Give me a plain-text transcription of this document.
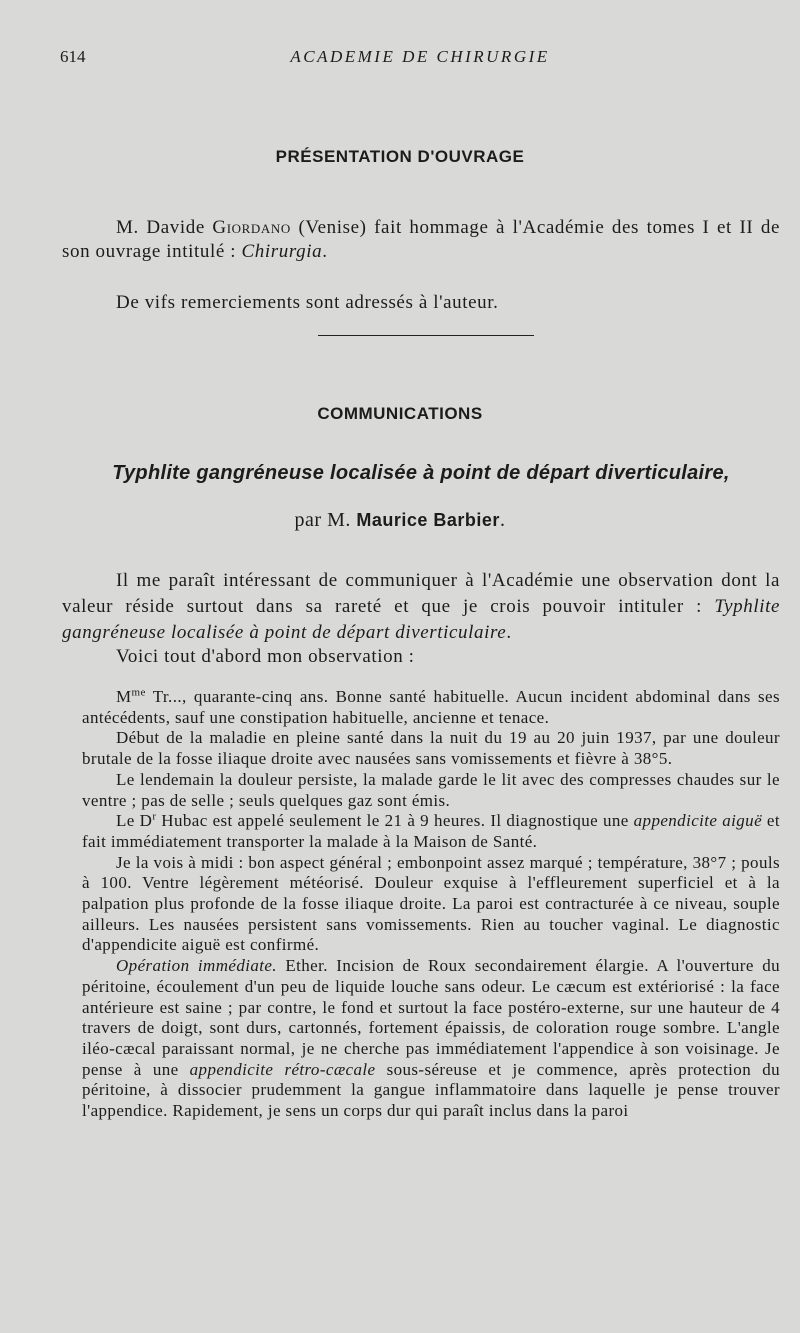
614	ACADEMIE DE CHIRURGIE
PRÉSENTATION D'OUVRAGE

M. Davide Giordano (Venise) fait hommage à l'Académie des tomes I et II de son ouvrage intitulé : Chirurgia.

De vifs remerciements sont adressés à l'auteur.

COMMUNICATIONS
Typhlite gangréneuse localisée à point de départ diverticulaire,
par M. Maurice Barbier.

Il me paraît intéressant de communiquer à l'Académie une observation dont la valeur réside surtout dans sa rareté et que je crois pouvoir intituler : Typhlite gangréneuse localisée à point de départ diverticulaire.

Voici tout d'abord mon observation :

$M^{me}$ Tr..., quarante-cinq ans. Bonne santé habituelle. Aucun incident abdominal dans ses antécédents, sauf une constipation habituelle, ancienne et tenace.

Début de la maladie en pleine santé dans la nuit du 19 au 20 juin 1937, par une douleur brutale de la fosse iliaque droite avec nausées sans vomissements et fièvre à 38°5.

Le lendemain la douleur persiste, la malade garde le lit avec des compresses chaudes sur le ventre ; pas de selle ; seuls quelques gaz sont émis.

Le $D^r$ Hubac est appelé seulement le 21 à 9 heures. Il diagnostique une appendicite aiguë et fait immédiatement transporter la malade à la Maison de Santé.

Je la vois à midi : bon aspect général ; embonpoint assez marqué ; température, 38°7 ; pouls à 100. Ventre légèrement météorisé. Douleur exquise à l'effleurement superficiel et à la palpation plus profonde de la fosse iliaque droite. La paroi est contracturée à ce niveau, souple ailleurs. Les nausées persistent sans vomissements. Rien au toucher vaginal. Le diagnostic d'appendicite aiguë est confirmé.

Opération immédiate. Ether. Incision de Roux secondairement élargie. A l'ouverture du péritoine, écoulement d'un peu de liquide louche sans odeur. Le cæcum est extériorisé : la face antérieure est saine ; par contre, le fond et surtout la face postéro-externe, sur une hauteur de 4 travers de doigt, sont durs, cartonnés, fortement épaissis, de coloration rouge sombre. L'angle iléo-cæcal paraissant normal, je ne cherche pas immédiatement l'appendice à son voisinage. Je pense à une appendicite rétro-cæcale sous-séreuse et je commence, après protection du péritoine, à dissocier prudemment la gangue inflammatoire dans laquelle je pense trouver l'appendice. Rapidement, je sens un corps dur qui paraît inclus dans la paroi
